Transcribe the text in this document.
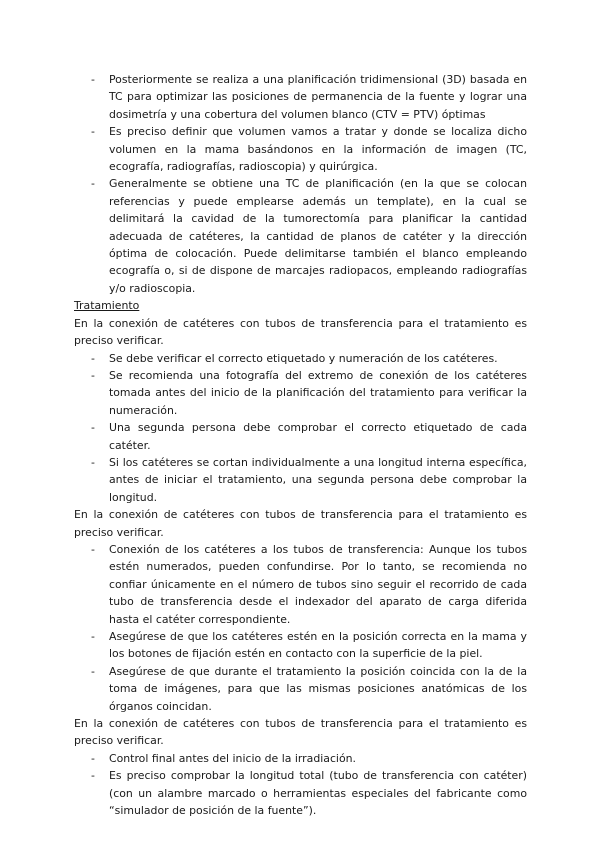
- Posteriormente se realiza a una planificación tridimensional (3D) basada en TC para optimizar las posiciones de permanencia de la fuente y lograr una dosimetría y una cobertura del volumen blanco (CTV = PTV) óptimas
- Es preciso definir que volumen vamos a tratar y donde se localiza dicho volumen en la mama basándonos en la información de imagen (TC, ecografía, radiografías, radioscopia) y quirúrgica.
- Generalmente se obtiene una TC de planificación (en la que se colocan referencias y puede emplearse además un template), en la cual se delimitará la cavidad de la tumorectomía para planificar la cantidad adecuada de catéteres, la cantidad de planos de catéter y la dirección óptima de colocación. Puede delimitarse también el blanco empleando ecografía o, si de dispone de marcajes radiopacos, empleando radiografías y/o radioscopia.

Tratamiento

En la conexión de catéteres con tubos de transferencia para el tratamiento es preciso verificar.

- Se debe verificar el correcto etiquetado y numeración de los catéteres.
- Se recomienda una fotografía del extremo de conexión de los catéteres tomada antes del inicio de la planificación del tratamiento para verificar la numeración.
- Una segunda persona debe comprobar el correcto etiquetado de cada catéter.
- Si los catéteres se cortan individualmente a una longitud interna específica, antes de iniciar el tratamiento, una segunda persona debe comprobar la longitud.

En la conexión de catéteres con tubos de transferencia para el tratamiento es preciso verificar.

- Conexión de los catéteres a los tubos de transferencia: Aunque los tubos estén numerados, pueden confundirse. Por lo tanto, se recomienda no confiar únicamente en el número de tubos sino seguir el recorrido de cada tubo de transferencia desde el indexador del aparato de carga diferida hasta el catéter correspondiente.
- Asegúrese de que los catéteres estén en la posición correcta en la mama y los botones de fijación estén en contacto con la superficie de la piel.
- Asegúrese de que durante el tratamiento la posición coincida con la de la toma de imágenes, para que las mismas posiciones anatómicas de los órganos coincidan.

En la conexión de catéteres con tubos de transferencia para el tratamiento es preciso verificar.

- Control final antes del inicio de la irradiación.
- Es preciso comprobar la longitud total (tubo de transferencia con catéter) (con un alambre marcado o herramientas especiales del fabricante como “simulador de posición de la fuente”).
